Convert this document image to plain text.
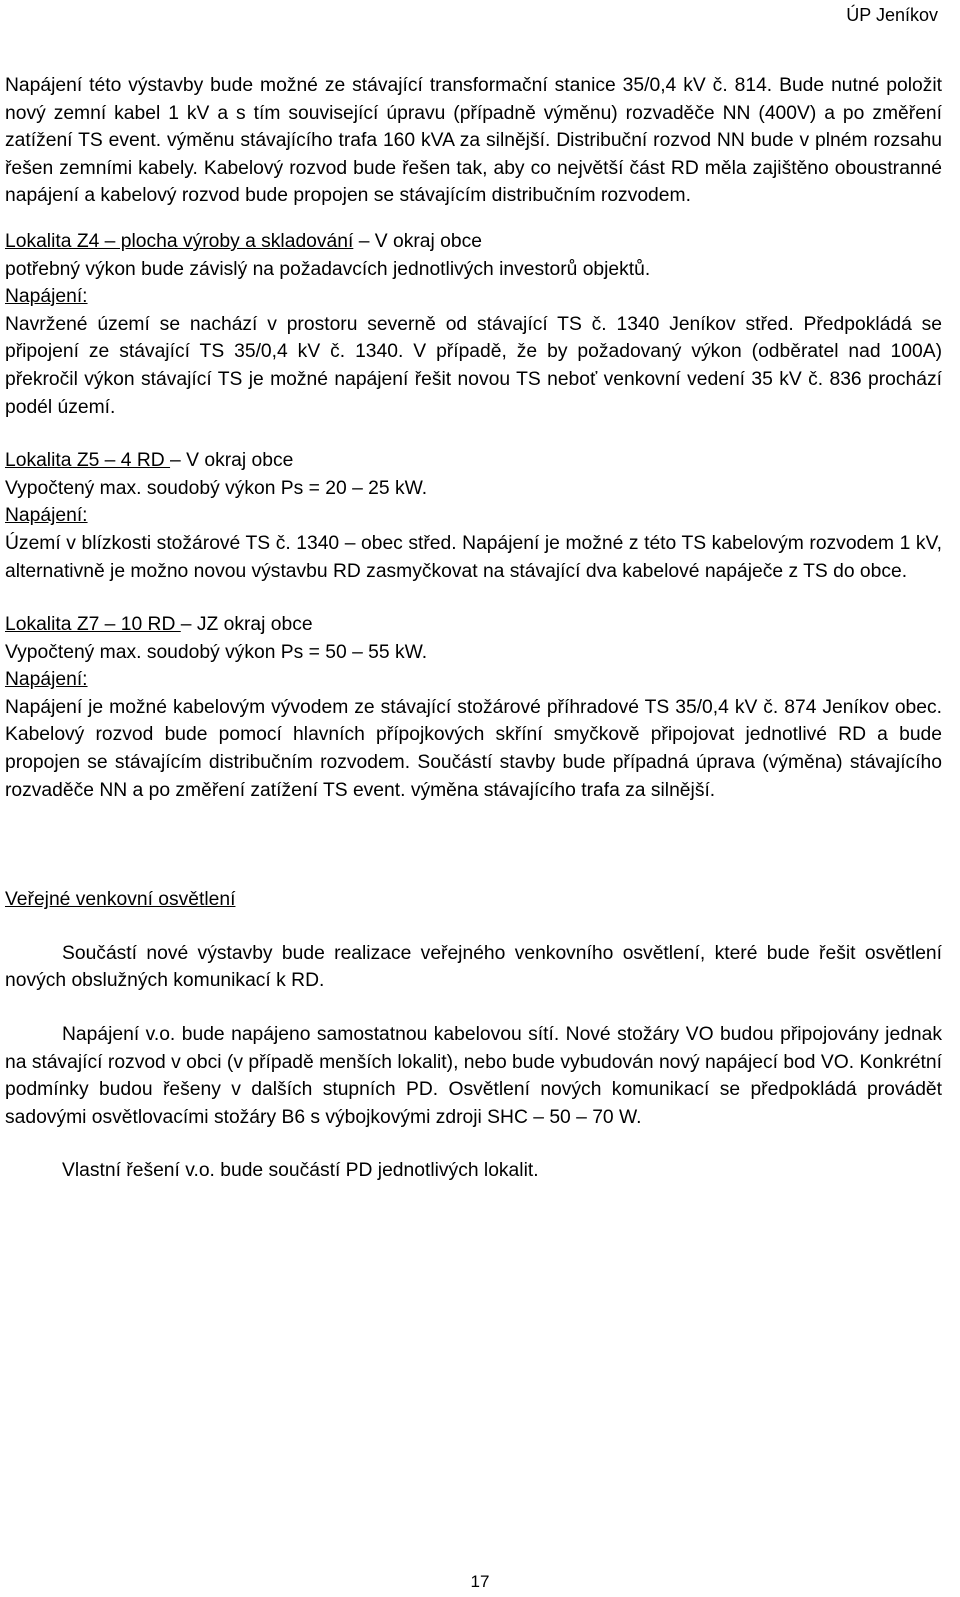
ÚP Jeníkov

Napájení této výstavby bude možné ze stávající transformační stanice 35/0,4 kV č. 814. Bude nutné položit nový zemní kabel 1 kV a s tím související úpravu (případně výměnu) rozvaděče NN (400V) a po změření zatížení TS event. výměnu stávajícího trafa 160 kVA za silnější. Distribuční rozvod NN bude v plném rozsahu řešen zemními kabely. Kabelový rozvod bude řešen tak, aby co největší část RD měla zajištěno oboustranné napájení a kabelový rozvod bude propojen se stávajícím distribučním rozvodem.

Lokalita Z4 – plocha výroby a skladování – V okraj obce

potřebný výkon bude závislý na požadavcích jednotlivých investorů objektů.

Napájení:

Navržené území se nachází v prostoru severně od stávající TS č. 1340 Jeníkov střed. Předpokládá se připojení ze stávající TS 35/0,4 kV č. 1340. V případě, že by požadovaný výkon (odběratel nad 100A) překročil výkon stávající TS je možné napájení řešit novou TS neboť venkovní vedení 35 kV č. 836 prochází podél území.

Lokalita Z5 – 4 RD – V okraj obce

Vypočtený max. soudobý výkon Ps = 20 – 25 kW.

Napájení:

Území v blízkosti stožárové TS č. 1340 – obec střed. Napájení je možné z této TS kabelovým rozvodem 1 kV, alternativně je možno novou výstavbu RD zasmyčkovat na stávající dva kabelové napáječe z TS do obce.

Lokalita Z7 – 10 RD – JZ okraj obce

Vypočtený max. soudobý výkon Ps = 50 – 55 kW.

Napájení:

Napájení je možné kabelovým vývodem ze stávající stožárové příhradové TS 35/0,4 kV č. 874 Jeníkov obec. Kabelový rozvod bude pomocí hlavních přípojkových skříní smyčkově připojovat jednotlivé RD a bude propojen se stávajícím distribučním rozvodem. Součástí stavby bude případná úprava (výměna) stávajícího rozvaděče NN a po změření zatížení TS event. výměna stávajícího trafa za silnější.

Veřejné venkovní osvětlení

Součástí nové výstavby bude realizace veřejného venkovního osvětlení, které bude řešit osvětlení nových obslužných komunikací k RD.

Napájení v.o. bude napájeno samostatnou kabelovou sítí. Nové stožáry VO budou připojovány jednak na stávající rozvod v obci (v případě menších lokalit), nebo bude vybudován nový napájecí bod VO. Konkrétní podmínky budou řešeny v dalších stupních PD. Osvětlení nových komunikací se předpokládá provádět sadovými osvětlovacími stožáry B6 s výbojkovými zdroji SHC – 50 – 70 W.

Vlastní řešení v.o. bude součástí PD jednotlivých lokalit.

17
